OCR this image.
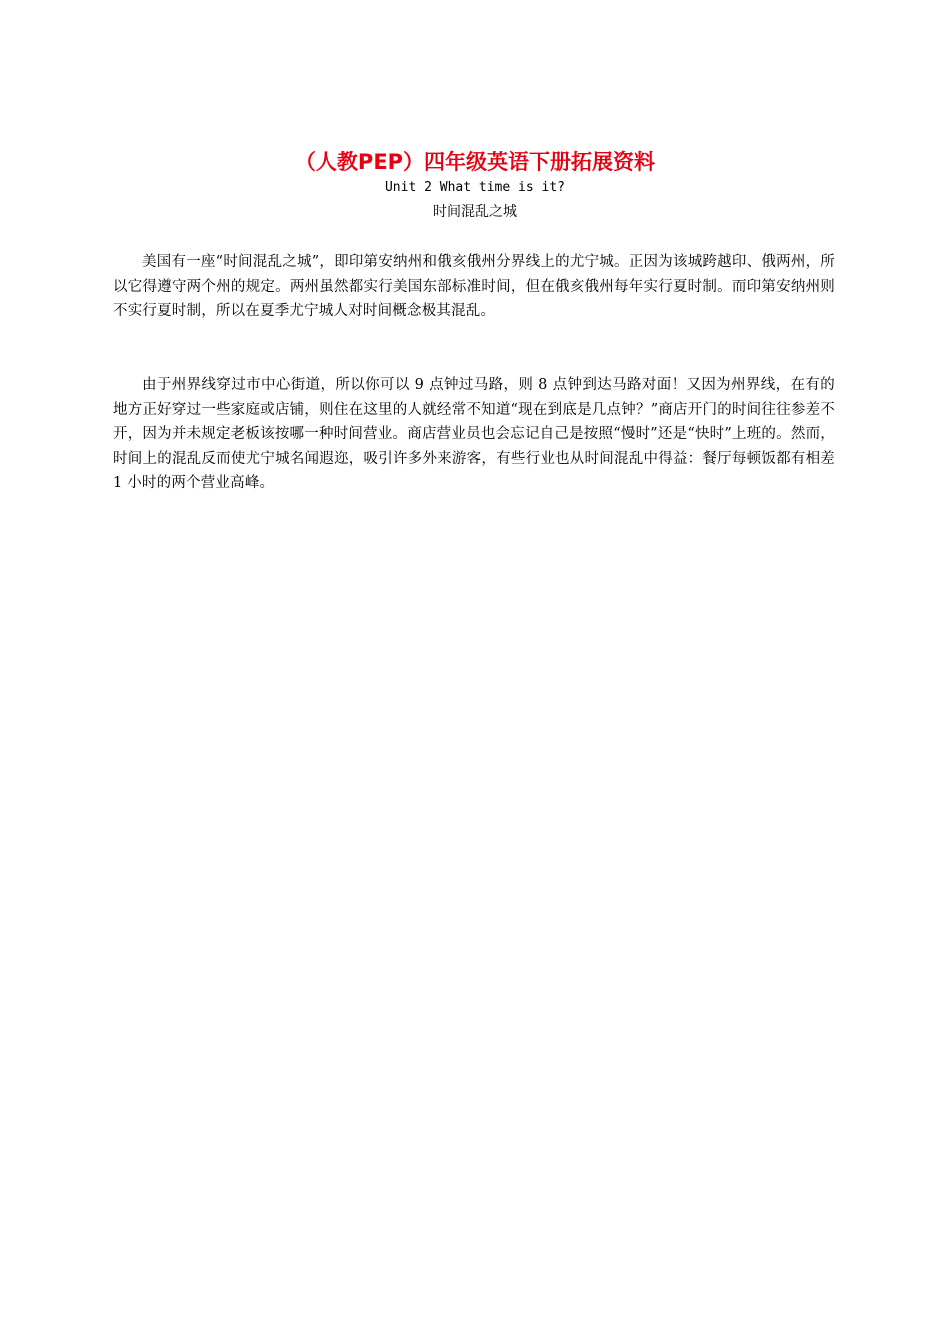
（人教PEP）四年级英语下册拓展资料

Unit 2 What time is it?

时间混乱之城

美国有一座“时间混乱之城”，即印第安纳州和俄亥俄州分界线上的尤宁城。正因为该城跨越印、俄两州，所以它得遵守两个州的规定。两州虽然都实行美国东部标准时间，但在俄亥俄州每年实行夏时制。而印第安纳州则不实行夏时制，所以在夏季尤宁城人对时间概念极其混乱。

由于州界线穿过市中心街道，所以你可以 9 点钟过马路，则 8 点钟到达马路对面！又因为州界线，在有的地方正好穿过一些家庭或店铺，则住在这里的人就经常不知道“现在到底是几点钟？”商店开门的时间往往参差不开，因为并未规定老板该按哪一种时间营业。商店营业员也会忘记自己是按照“慢时”还是“快时”上班的。然而，时间上的混乱反而使尤宁城名闻遐迩，吸引许多外来游客，有些行业也从时间混乱中得益：餐厅每顿饭都有相差 1 小时的两个营业高峰。
